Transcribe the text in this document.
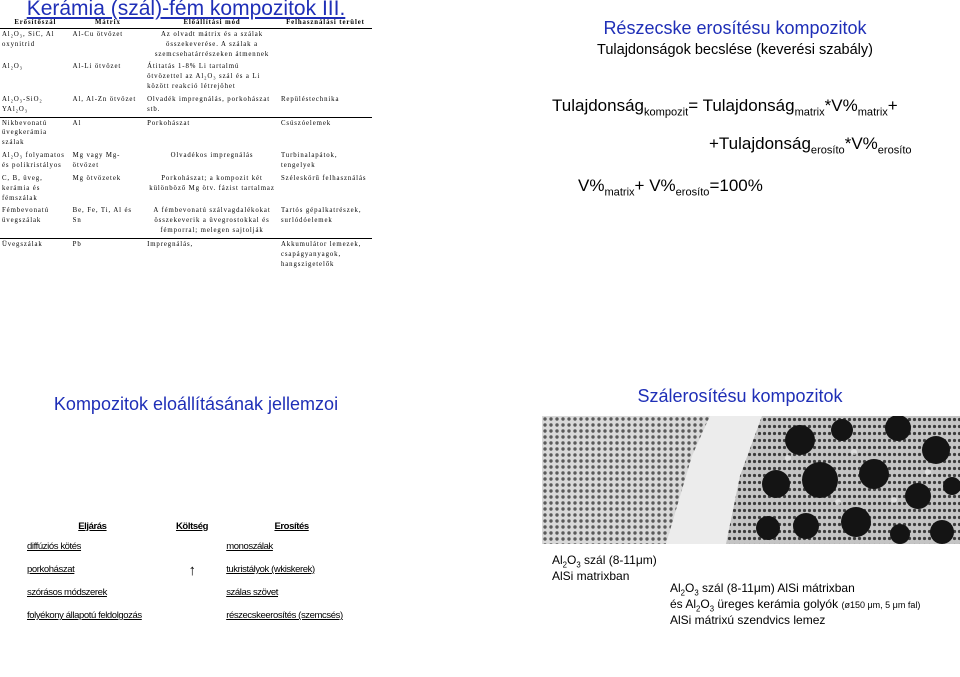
Kerámia (szál)-fém kompozitok III.
Erősítőszál	Mátrix	Előállítási mód	Felhasználási terület
Al₂O₃, SiC, Al oxynitrid	Al-Cu ötvözet	Az olvadt mátrix és a szálak összekeverése. A szálak a szemcsehatárrészeken átmennek	
Al₂O₃	Al-Li ötvözet	Átitatás 1-8% Li tartalmú ötvözettel az Al₂O₃ szál és a Li között reakció létrejöhet	
Al₂O₃-SiO₂ YAl₂O₃	Al, Al-Zn ötvözet	Olvadék impregnálás, porkohászat stb.	Repüléstechnika
Nikbevonatú üvegkerámia szálak	Al	Porkohászat	Csúszóelemek
Al₂O₃ folyamatos és polikristályos	Mg vagy Mg-ötvözet	Olvadékos impregnálás	Turbinalapátok, tengelyek
C, B, üveg, kerámia és fémszálak	Mg ötvözetek	Porkohászat; a kompozit két különböző Mg ötv. fázist tartalmaz	Széleskörű felhasználás
Fémbevonatú üvegszálak	Be, Fe, Ti, Al és Sn	A fémbevonatú szálvagdalékokat összekeverik a üvegrostokkal és fémporral; melegen sajtolják	Tartós gépalkatrészek, surlódóelemek
Üvegszálak	Pb	Impregnálás,	Akkumulátor lemezek, csapágyanyagok, hangszigetelők
Részecske erosítésu kompozitok
Tulajdonságok becslése (keverési szabály)
Tulajdonság$_{kompozit}$= $Tulajdonság_{matrix}*V\%_{matrix}+$
$+Tulajdonság_{erosíto}*V\%_{erosíto}$
$V\%_{matrix}+ V\%_{erosíto}=100\%$
Kompozitok eloállításának jellemzoi
Eljárás	Költség	Erosítés
diffúziós kötés	↑	monoszálak
porkohászat		tukristályok (wkiskerek)
szórásos módszerek		szálas szövet
folyékony állapotú feldolgozás		részecskeerosítés (szemcsés)
Szálerosítésu kompozitok
$Al_2O_3$ szál (8-11μm)
AlSi matrixban
$Al_2O_3$ szál (8-11μm) AlSi mátrixban
és $Al_2O_3$ üreges kerámia golyók (ø150 μm, 5 μm fal)
AlSi mátrixú szendvics lemez
